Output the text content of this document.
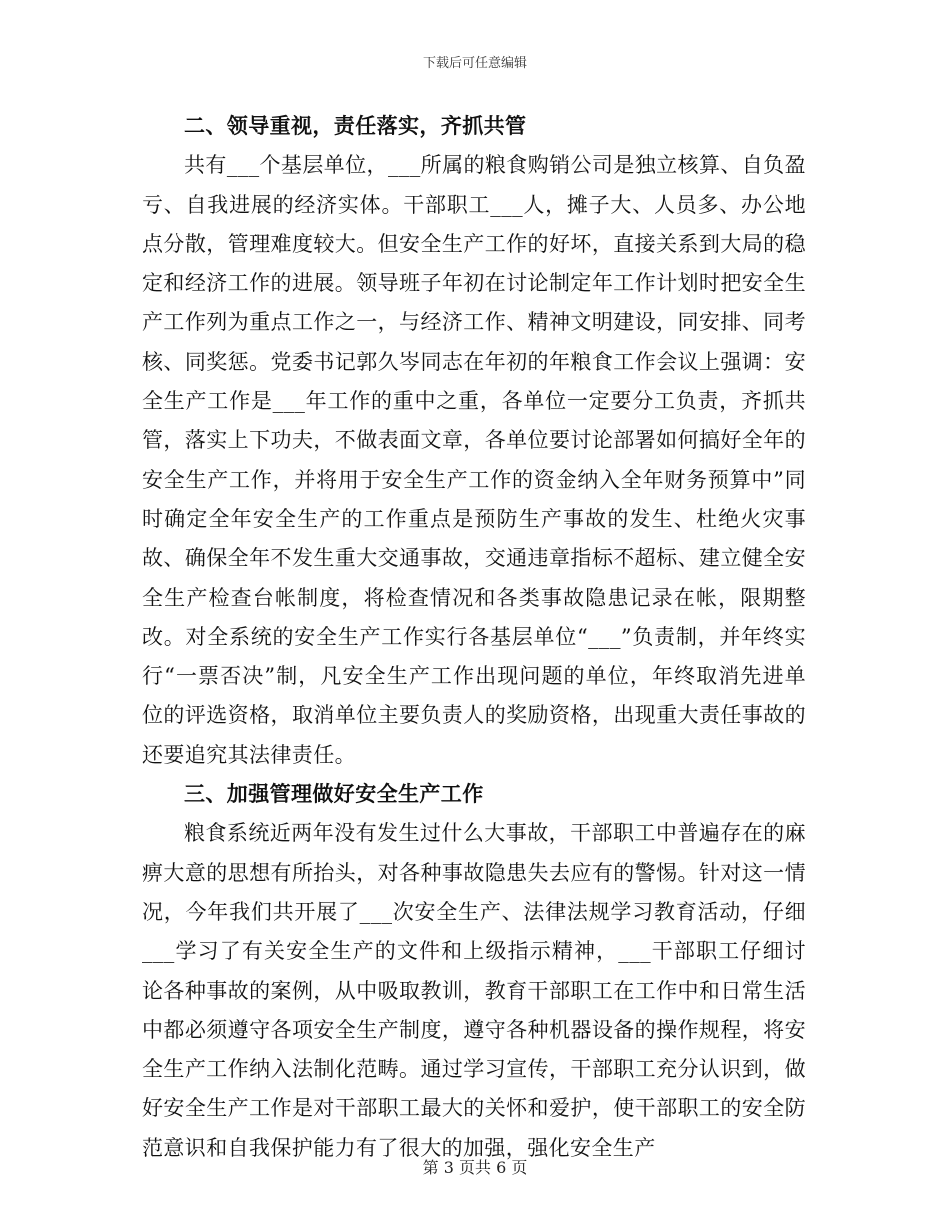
下载后可任意编辑

二、领导重视，责任落实，齐抓共管

共有___个基层单位，___所属的粮食购销公司是独立核算、自负盈亏、自我进展的经济实体。干部职工___人，摊子大、人员多、办公地点分散，管理难度较大。但安全生产工作的好坏，直接关系到大局的稳定和经济工作的进展。领导班子年初在讨论制定年工作计划时把安全生产工作列为重点工作之一，与经济工作、精神文明建设，同安排、同考核、同奖惩。党委书记郭久岑同志在年初的年粮食工作会议上强调：安全生产工作是___年工作的重中之重，各单位一定要分工负责，齐抓共管，落实上下功夫，不做表面文章，各单位要讨论部署如何搞好全年的安全生产工作，并将用于安全生产工作的资金纳入全年财务预算中”同时确定全年安全生产的工作重点是预防生产事故的发生、杜绝火灾事故、确保全年不发生重大交通事故，交通违章指标不超标、建立健全安全生产检查台帐制度，将检查情况和各类事故隐患记录在帐，限期整改。对全系统的安全生产工作实行各基层单位“___”负责制，并年终实行“一票否决”制，凡安全生产工作出现问题的单位，年终取消先进单位的评选资格，取消单位主要负责人的奖励资格，出现重大责任事故的还要追究其法律责任。

三、加强管理做好安全生产工作

粮食系统近两年没有发生过什么大事故，干部职工中普遍存在的麻痹大意的思想有所抬头，对各种事故隐患失去应有的警惕。针对这一情况，今年我们共开展了___次安全生产、法律法规学习教育活动，仔细___学习了有关安全生产的文件和上级指示精神，___干部职工仔细讨论各种事故的案例，从中吸取教训，教育干部职工在工作中和日常生活中都必须遵守各项安全生产制度，遵守各种机器设备的操作规程，将安全生产工作纳入法制化范畴。通过学习宣传，干部职工充分认识到，做好安全生产工作是对干部职工最大的关怀和爱护，使干部职工的安全防范意识和自我保护能力有了很大的加强，强化安全生产

第 3 页共 6 页
